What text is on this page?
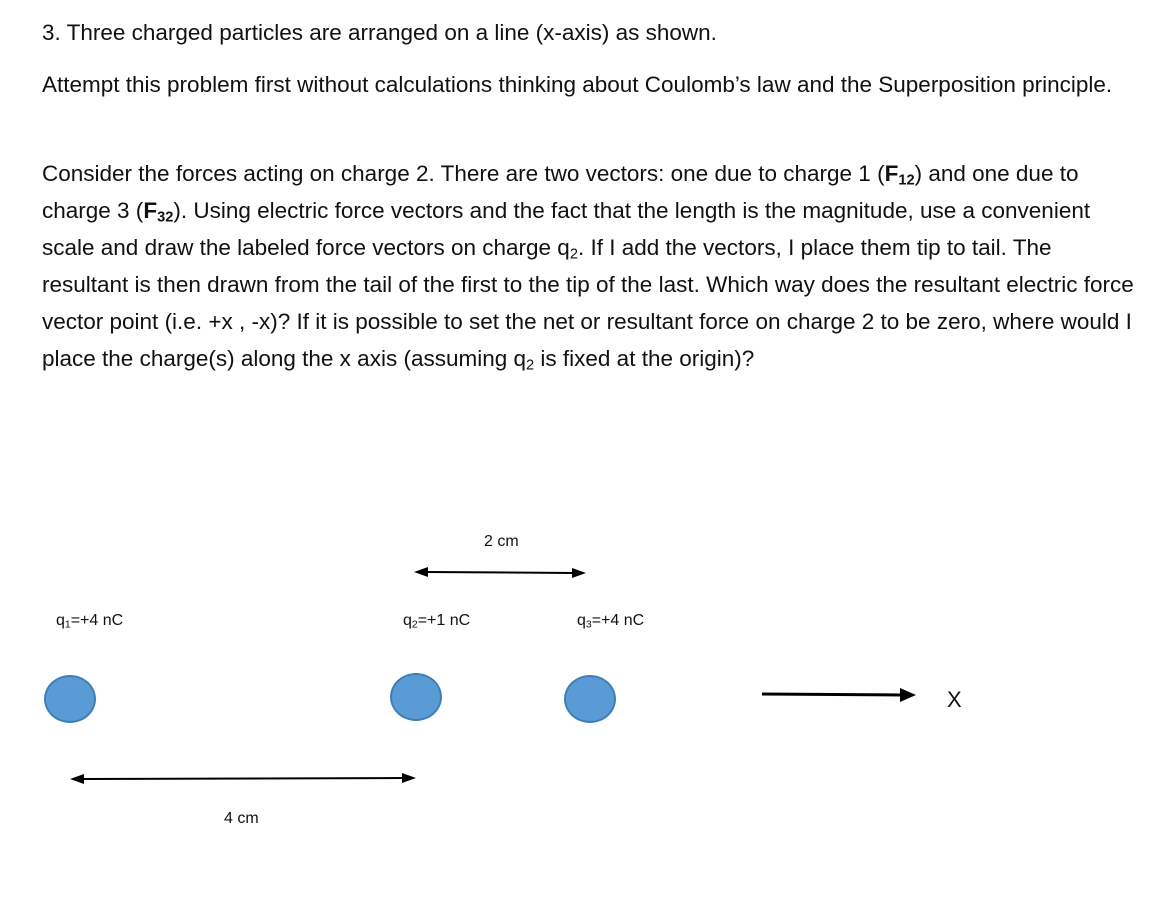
3. Three charged particles are arranged on a line (x-axis) as shown.

Attempt this problem first without calculations thinking about Coulomb’s law and the Superposition principle.

Consider the forces acting on charge 2. There are two vectors: one due to charge 1 $(F_{12})$ and one due to charge 3 $(F_{32})$. Using electric force vectors and the fact that the length is the magnitude, use a convenient scale and draw the labeled force vectors on charge $q_2$. If I add the vectors, I place them tip to tail. The resultant is then drawn from the tail of the first to the tip of the last. Which way does the resultant electric force vector point (i.e. +x , -x)? If it is possible to set the net or resultant force on charge 2 to be zero, where would I place the charge(s) along the x axis (assuming $q_2$ is fixed at the origin)?

2 cm
$q_1=+4$ nC	$q_2=+1$ nC	$q_3=+4$ nC
X
4 cm
